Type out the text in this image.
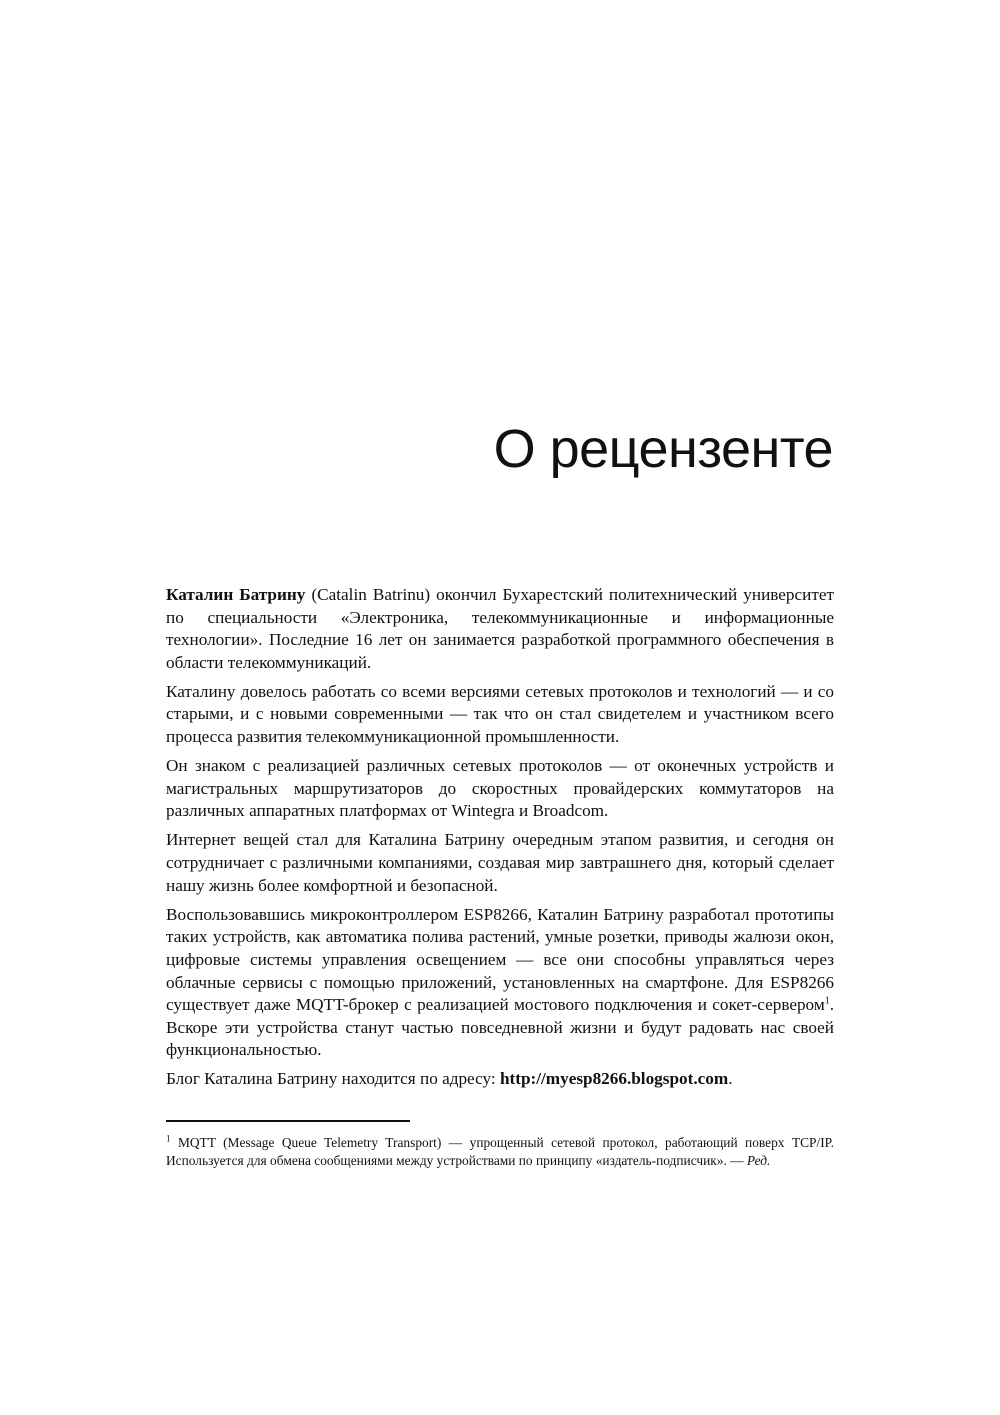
О рецензенте

Каталин Батрину (Catalin Batrinu) окончил Бухарестский политехнический университет по специальности «Электроника, телекоммуникационные и информационные технологии». Последние 16 лет он занимается разработкой программного обеспечения в области телекоммуникаций.

Каталину довелось работать со всеми версиями сетевых протоколов и технологий — и со старыми, и с новыми современными — так что он стал свидетелем и участником всего процесса развития телекоммуникационной промышленности.

Он знаком с реализацией различных сетевых протоколов — от оконечных устройств и магистральных маршрутизаторов до скоростных провайдерских коммутаторов на различных аппаратных платформах от Wintegra и Broadcom.

Интернет вещей стал для Каталина Батрину очередным этапом развития, и сегодня он сотрудничает с различными компаниями, создавая мир завтрашнего дня, который сделает нашу жизнь более комфортной и безопасной.

Воспользовавшись микроконтроллером ESP8266, Каталин Батрину разработал прототипы таких устройств, как автоматика полива растений, умные розетки, приводы жалюзи окон, цифровые системы управления освещением — все они способны управляться через облачные сервисы с помощью приложений, установленных на смартфоне. Для ESP8266 существует даже MQTT-брокер с реализацией мостового подключения и сокет-сервером$^1$. Вскоре эти устройства станут частью повседневной жизни и будут радовать нас своей функциональностью.

Блог Каталина Батрину находится по адресу: http://myesp8266.blogspot.com.

$^1$ MQTT (Message Queue Telemetry Transport) — упрощенный сетевой протокол, работающий поверх TCP/IP. Используется для обмена сообщениями между устройствами по принципу «издатель-подписчик». — Ред.
